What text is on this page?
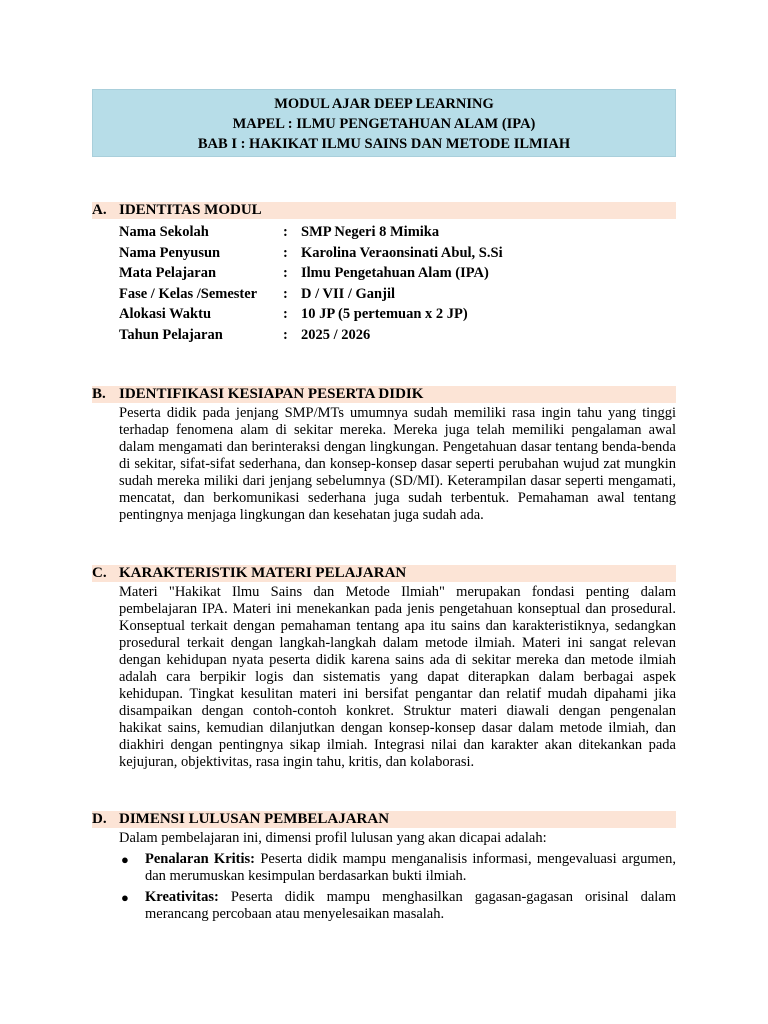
MODUL AJAR DEEP LEARNING
MAPEL : ILMU PENGETAHUAN ALAM (IPA)
BAB I : HAKIKAT ILMU SAINS DAN METODE ILMIAH
A. IDENTITAS MODUL
Nama Sekolah	: SMP Negeri 8 Mimika
Nama Penyusun	: Karolina Veraonsinati Abul, S.Si
Mata Pelajaran	: Ilmu Pengetahuan Alam (IPA)
Fase / Kelas /Semester : D / VII / Ganjil
Alokasi Waktu	: 10 JP (5 pertemuan x 2 JP)
Tahun Pelajaran	: 2025 / 2026
B. IDENTIFIKASI KESIAPAN PESERTA DIDIK
Peserta didik pada jenjang SMP/MTs umumnya sudah memiliki rasa ingin tahu yang tinggi terhadap fenomena alam di sekitar mereka. Mereka juga telah memiliki pengalaman awal dalam mengamati dan berinteraksi dengan lingkungan. Pengetahuan dasar tentang benda-benda di sekitar, sifat-sifat sederhana, dan konsep-konsep dasar seperti perubahan wujud zat mungkin sudah mereka miliki dari jenjang sebelumnya (SD/MI). Keterampilan dasar seperti mengamati, mencatat, dan berkomunikasi sederhana juga sudah terbentuk. Pemahaman awal tentang pentingnya menjaga lingkungan dan kesehatan juga sudah ada.
C. KARAKTERISTIK MATERI PELAJARAN
Materi "Hakikat Ilmu Sains dan Metode Ilmiah" merupakan fondasi penting dalam pembelajaran IPA. Materi ini menekankan pada jenis pengetahuan konseptual dan prosedural. Konseptual terkait dengan pemahaman tentang apa itu sains dan karakteristiknya, sedangkan prosedural terkait dengan langkah-langkah dalam metode ilmiah. Materi ini sangat relevan dengan kehidupan nyata peserta didik karena sains ada di sekitar mereka dan metode ilmiah adalah cara berpikir logis dan sistematis yang dapat diterapkan dalam berbagai aspek kehidupan. Tingkat kesulitan materi ini bersifat pengantar dan relatif mudah dipahami jika disampaikan dengan contoh-contoh konkret. Struktur materi diawali dengan pengenalan hakikat sains, kemudian dilanjutkan dengan konsep-konsep dasar dalam metode ilmiah, dan diakhiri dengan pentingnya sikap ilmiah. Integrasi nilai dan karakter akan ditekankan pada kejujuran, objektivitas, rasa ingin tahu, kritis, dan kolaborasi.
D. DIMENSI LULUSAN PEMBELAJARAN
Dalam pembelajaran ini, dimensi profil lulusan yang akan dicapai adalah:
● Penalaran Kritis: Peserta didik mampu menganalisis informasi, mengevaluasi argumen, dan merumuskan kesimpulan berdasarkan bukti ilmiah.
● Kreativitas: Peserta didik mampu menghasilkan gagasan-gagasan orisinal dalam merancang percobaan atau menyelesaikan masalah.
